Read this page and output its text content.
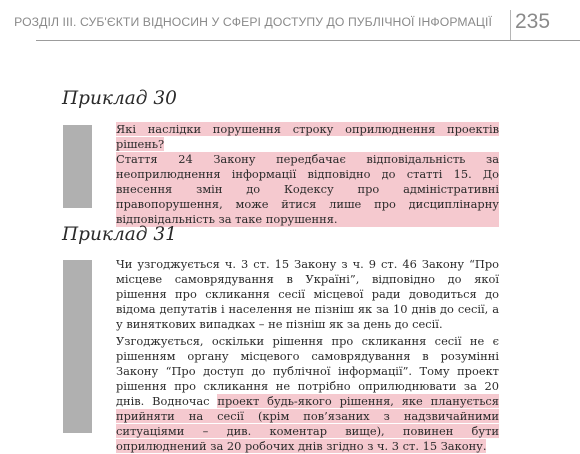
РОЗДІЛ ІІІ. СУБ'ЄКТИ ВІДНОСИН У СФЕРІ ДОСТУПУ ДО ПУБЛІЧНОЇ ІНФОРМАЦІЇ 235
Приклад 30

Які наслідки порушення строку оприлюднення проектів рішень?

Стаття 24 Закону передбачає відповідальність за неоприлюднення інформації відповідно до статті 15. До внесення змін до Кодексу про адміністративні правопорушення, може йтися лише про дисциплінарну відповідальність за таке порушення.

Приклад 31

Чи узгоджується ч. 3 ст. 15 Закону з ч. 9 ст. 46 Закону “Про місцеве самоврядування в Україні”, відповідно до якої рішення про скликання сесії місцевої ради доводиться до відома депутатів і населення не пізніш як за 10 днів до сесії, а у виняткових випадках – не пізніш як за день до сесії.

Узгоджується, оскільки рішення про скликання сесії не є рішенням органу місцевого самоврядування в розумінні Закону “Про доступ до публічної інформації”. Тому проект рішення про скликання не потрібно оприлюднювати за 20 днів. Водночас проект будь-якого рішення, яке планується прийняти на сесії (крім пов’язаних з надзвичайними ситуаціями – див. коментар вище), повинен бути оприлюднений за 20 робочих днів згідно з ч. 3 ст. 15 Закону.
